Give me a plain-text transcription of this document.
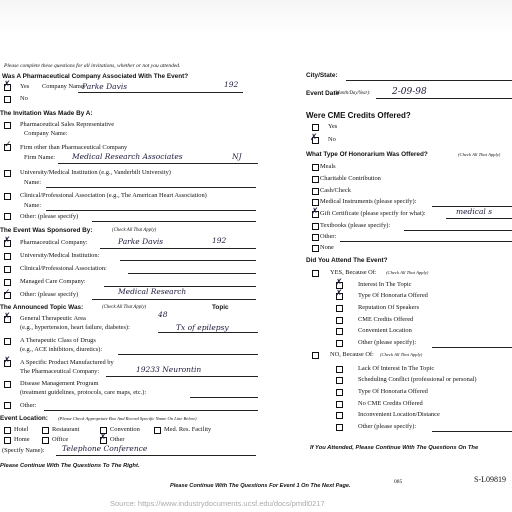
Please complete these questions for all invitations, whether or not you attended.
Was A Pharmaceutical Company Associated With The Event?
✗ Yes Company Name:
Parke Davis	192
No
The Invitation Was Made By A:
Pharmaceutical Sales Representative
Company Name:
✓ Firm other than Pharmaceutical Company
Firm Name: Medical Research Associates	NJ
University/Medical Institution (e.g., Vanderbilt University)
Name:
Clinical/Professional Association (e.g., The American Heart Association)
Name:
Other: (please specify)
The Event Was Sponsored By:	(Check All That Apply)
✗ Pharmaceutical Company:	Parke Davis	192
University/Medical Institution:
Clinical/Professional Association:
Managed Care Company:
✓ Other: (please specify)	Medical Research
The Announced Topic Was:	(Check All That Apply)	Topic
✗ General Therapeutic Area
(e.g., hypertension, heart failure, diabetes):
48
Tx of epilepsy
A Therapeutic Class of Drugs
(e.g., ACE inhibitors, diuretics):
✗ A Specific Product Manufactured by
The Pharmaceutical Company:	19233 Neurontin
Disease Management Program
(treatment guidelines, protocols, care maps, etc.):
Other:
Event Location: (Please Check Appropriate Box And Record Specific Name On Line Below)
Hotel	Restaurant	Convention	Med. Res. Facility
Home	Office	✗ Other
(Specify Name): Telephone Conference
Please Continue With The Questions To The Right.
City/State:
Event Date
(Month/Day/Year): 2-09-98
Were CME Credits Offered?
Yes
✗ No
What Type Of Honorarium Was Offered?	(Check All That Apply)
Meals
Charitable Contribution
Cash/Check
Medical Instruments (please specify):
✗ Gift Certificate (please specify for what):	medical s
Textbooks (please specify):
Other:
None
Did You Attend The Event?
YES, Because Of: (Check All That Apply)
✗ Interest In The Topic
✗ Type Of Honoraria Offered
Reputation Of Speakers
CME Credits Offered
Convenient Location
Other (please specify):
NO, Because Of: (Check All That Apply)
Lack Of Interest In The Topic
Scheduling Conflict (professional or personal)
Type Of Honoraria Offered
No CME Credits Offered
Inconvenient Location/Distance
Other (please specify):
If You Attended, Please Continue With The Questions On The
Please Continue With The Questions For Event 1 On The Next Page.
085	S-L09819
Source: https://www.industrydocuments.ucsf.edu/docs/pmdl0217
